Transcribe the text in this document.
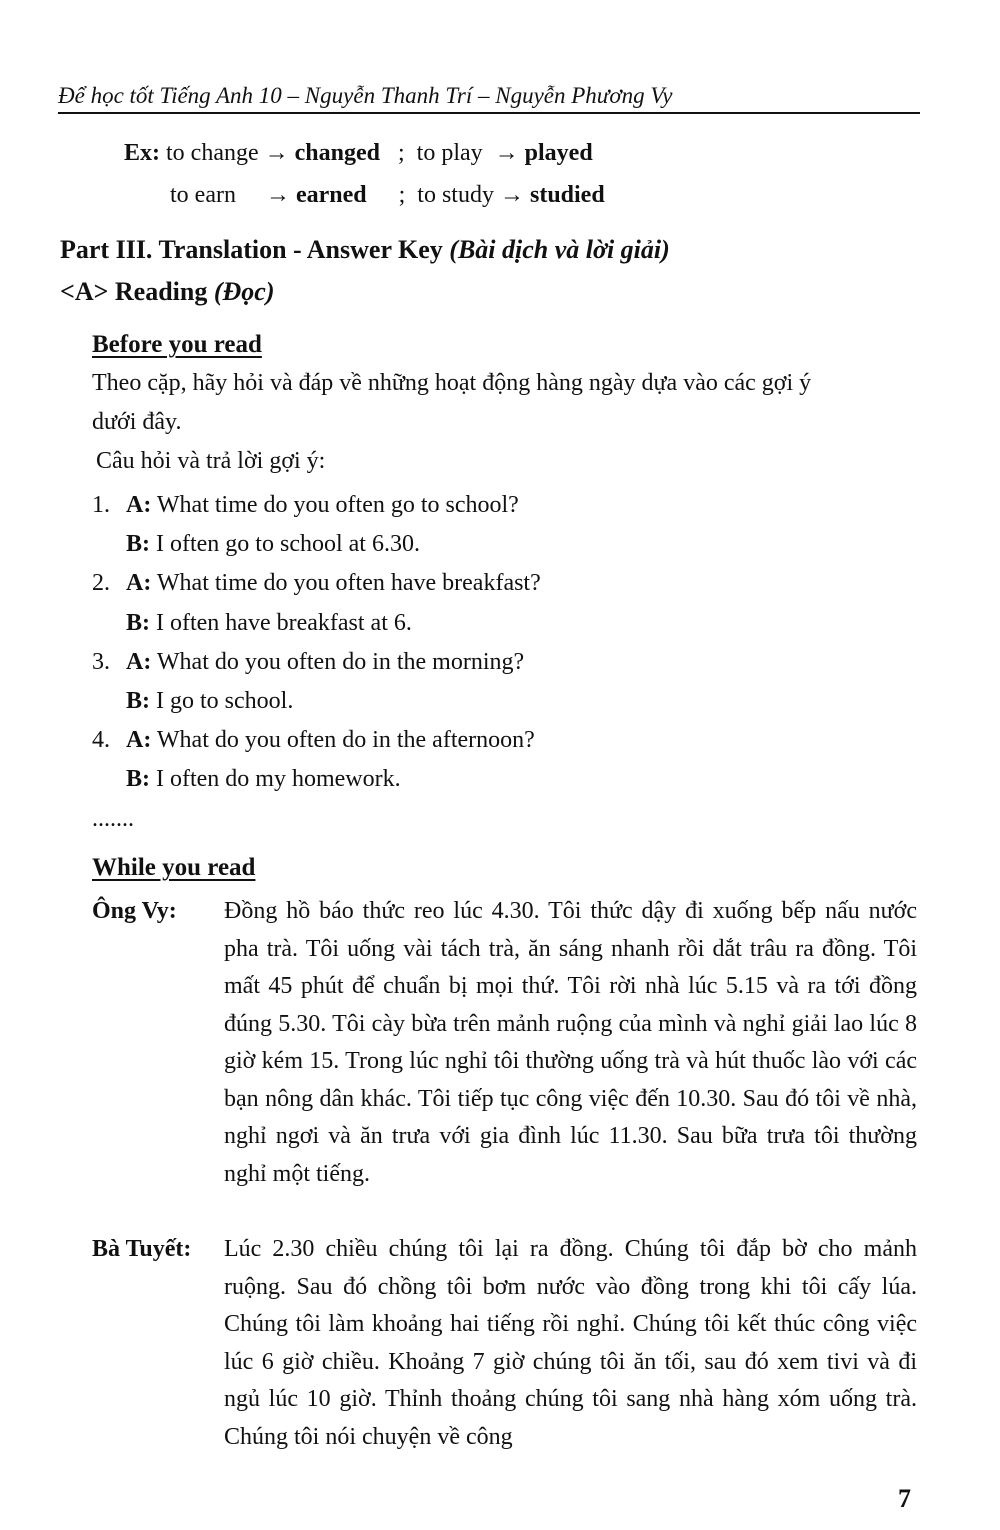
Để học tốt Tiếng Anh 10 – Nguyễn Thanh Trí – Nguyễn Phương Vy
Ex: to change → changed ; to play → played
to earn → earned ; to study → studied
Part III. Translation - Answer Key (Bài dịch và lời giải)
<A> Reading (Đọc)
Before you read
Theo cặp, hãy hỏi và đáp về những hoạt động hàng ngày dựa vào các gợi ý
dưới đây.
Câu hỏi và trả lời gợi ý:
1. A: What time do you often go to school?
B: I often go to school at 6.30.
2. A: What time do you often have breakfast?
B: I often have breakfast at 6.
3. A: What do you often do in the morning?
B: I go to school.
4. A: What do you often do in the afternoon?
B: I often do my homework.
.......
While you read
Ông Vy:	Đồng hồ báo thức reo lúc 4.30. Tôi thức dậy đi xuống bếp nấu nước pha trà. Tôi uống vài tách trà, ăn sáng nhanh rồi dắt trâu ra đồng. Tôi mất 45 phút để chuẩn bị mọi thứ. Tôi rời nhà lúc 5.15 và ra tới đồng đúng 5.30. Tôi cày bừa trên mảnh ruộng của mình và nghỉ giải lao lúc 8 giờ kém 15. Trong lúc nghỉ tôi thường uống trà và hút thuốc lào với các bạn nông dân khác. Tôi tiếp tục công việc đến 10.30. Sau đó tôi về nhà, nghỉ ngơi và ăn trưa với gia đình lúc 11.30. Sau bữa trưa tôi thường nghỉ một tiếng.
Bà Tuyết:	Lúc 2.30 chiều chúng tôi lại ra đồng. Chúng tôi đắp bờ cho mảnh ruộng. Sau đó chồng tôi bơm nước vào đồng trong khi tôi cấy lúa. Chúng tôi làm khoảng hai tiếng rồi nghỉ. Chúng tôi kết thúc công việc lúc 6 giờ chiều. Khoảng 7 giờ chúng tôi ăn tối, sau đó xem tivi và đi ngủ lúc 10 giờ. Thỉnh thoảng chúng tôi sang nhà hàng xóm uống trà. Chúng tôi nói chuyện về công
7
